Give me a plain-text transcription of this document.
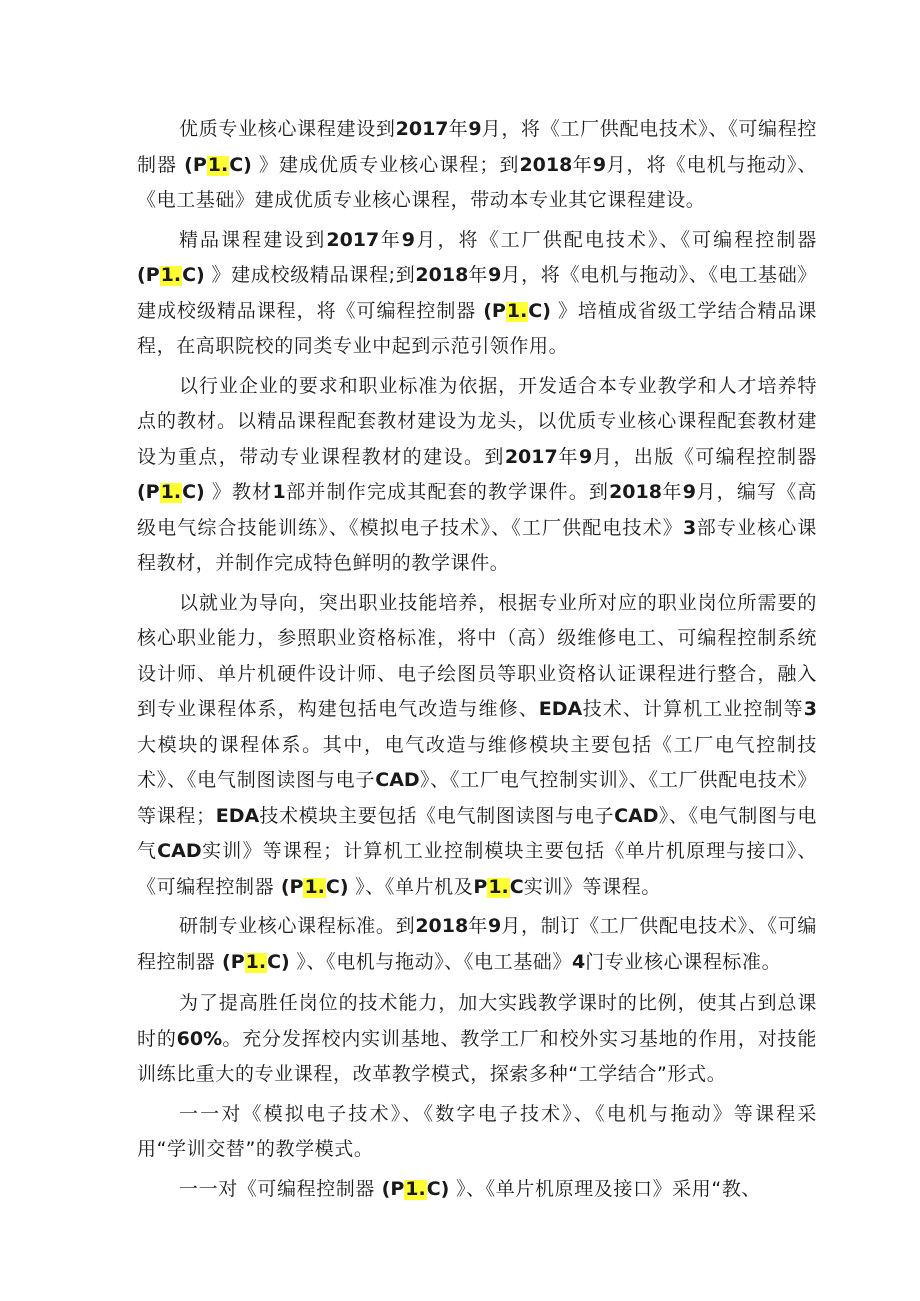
优质专业核心课程建设到2017年9月，将《工厂供配电技术》、《可编程控制器 (P1.C) 》建成优质专业核心课程；到2018年9月，将《电机与拖动》、《电工基础》建成优质专业核心课程，带动本专业其它课程建设。

精品课程建设到2017年9月，将《工厂供配电技术》、《可编程控制器 (P1.C) 》建成校级精品课程;到2018年9月，将《电机与拖动》、《电工基础》建成校级精品课程，将《可编程控制器 (P1.C) 》培植成省级工学结合精品课程，在高职院校的同类专业中起到示范引领作用。

以行业企业的要求和职业标准为依据，开发适合本专业教学和人才培养特点的教材。以精品课程配套教材建设为龙头，以优质专业核心课程配套教材建设为重点，带动专业课程教材的建设。到2017年9月，出版《可编程控制器 (P1.C) 》教材1部并制作完成其配套的教学课件。到2018年9月，编写《高级电气综合技能训练》、《模拟电子技术》、《工厂供配电技术》3部专业核心课程教材，并制作完成特色鲜明的教学课件。

以就业为导向，突出职业技能培养，根据专业所对应的职业岗位所需要的核心职业能力，参照职业资格标准，将中（高）级维修电工、可编程控制系统设计师、单片机硬件设计师、电子绘图员等职业资格认证课程进行整合，融入到专业课程体系，构建包括电气改造与维修、EDA技术、计算机工业控制等3大模块的课程体系。其中，电气改造与维修模块主要包括《工厂电气控制技术》、《电气制图读图与电子CAD》、《工厂电气控制实训》、《工厂供配电技术》等课程；EDA技术模块主要包括《电气制图读图与电子CAD》、《电气制图与电气CAD实训》等课程；计算机工业控制模块主要包括《单片机原理与接口》、《可编程控制器 (P1.C) 》、《单片机及P1.C实训》等课程。

研制专业核心课程标准。到2018年9月，制订《工厂供配电技术》、《可编程控制器 (P1.C) 》、《电机与拖动》、《电工基础》4门专业核心课程标准。

为了提高胜任岗位的技术能力，加大实践教学课时的比例，使其占到总课时的60%。充分发挥校内实训基地、教学工厂和校外实习基地的作用，对技能训练比重大的专业课程，改革教学模式，探索多种“工学结合”形式。

一一对《模拟电子技术》、《数字电子技术》、《电机与拖动》等课程采用“学训交替”的教学模式。

一一对《可编程控制器 (P1.C) 》、《单片机原理及接口》采用“教、
